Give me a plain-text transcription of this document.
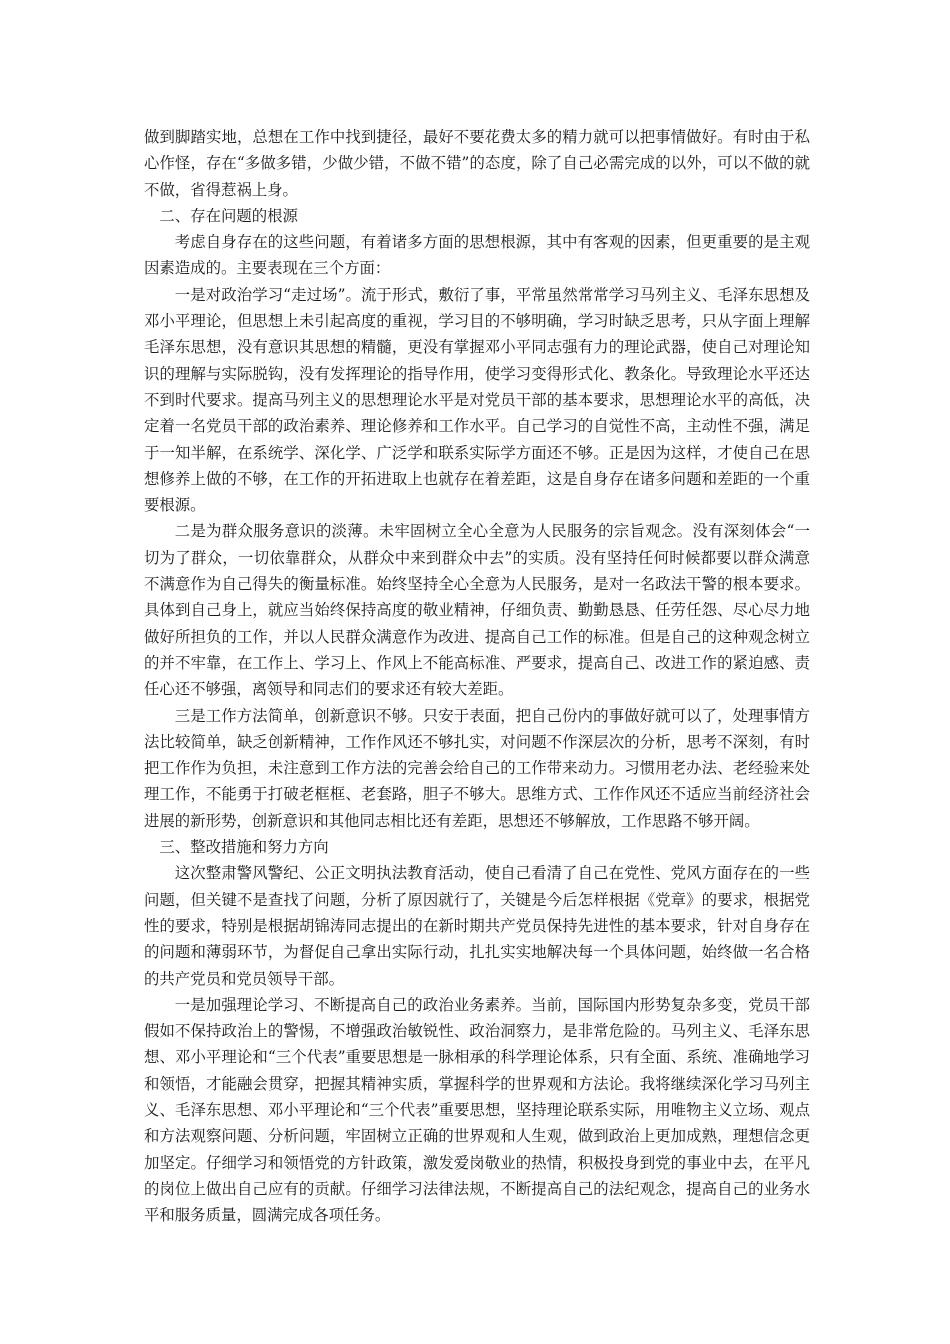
做到脚踏实地，总想在工作中找到捷径，最好不要花费太多的精力就可以把事情做好。有时由于私心作怪，存在“多做多错，少做少错，不做不错”的态度，除了自己必需完成的以外，可以不做的就不做，省得惹祸上身。

二、存在问题的根源

考虑自身存在的这些问题，有着诸多方面的思想根源，其中有客观的因素，但更重要的是主观因素造成的。主要表现在三个方面：

一是对政治学习“走过场”。流于形式，敷衍了事，平常虽然常常学习马列主义、毛泽东思想及邓小平理论，但思想上未引起高度的重视，学习目的不够明确，学习时缺乏思考，只从字面上理解毛泽东思想，没有意识其思想的精髓，更没有掌握邓小平同志强有力的理论武器，使自己对理论知识的理解与实际脱钩，没有发挥理论的指导作用，使学习变得形式化、教条化。导致理论水平还达不到时代要求。提高马列主义的思想理论水平是对党员干部的基本要求，思想理论水平的高低，决定着一名党员干部的政治素养、理论修养和工作水平。自己学习的自觉性不高，主动性不强，满足于一知半解，在系统学、深化学、广泛学和联系实际学方面还不够。正是因为这样，才使自己在思想修养上做的不够，在工作的开拓进取上也就存在着差距，这是自身存在诸多问题和差距的一个重要根源。

二是为群众服务意识的淡薄。未牢固树立全心全意为人民服务的宗旨观念。没有深刻体会“一切为了群众，一切依靠群众，从群众中来到群众中去”的实质。没有坚持任何时候都要以群众满意不满意作为自己得失的衡量标准。始终坚持全心全意为人民服务，是对一名政法干警的根本要求。具体到自己身上，就应当始终保持高度的敬业精神，仔细负责、勤勤恳恳、任劳任怨、尽心尽力地做好所担负的工作，并以人民群众满意作为改进、提高自己工作的标准。但是自己的这种观念树立的并不牢靠，在工作上、学习上、作风上不能高标准、严要求，提高自己、改进工作的紧迫感、责任心还不够强，离领导和同志们的要求还有较大差距。

三是工作方法简单，创新意识不够。只安于表面，把自己份内的事做好就可以了，处理事情方法比较简单，缺乏创新精神，工作作风还不够扎实，对问题不作深层次的分析，思考不深刻，有时把工作作为负担，未注意到工作方法的完善会给自己的工作带来动力。习惯用老办法、老经验来处理工作，不能勇于打破老框框、老套路，胆子不够大。思维方式、工作作风还不适应当前经济社会进展的新形势，创新意识和其他同志相比还有差距，思想还不够解放，工作思路不够开阔。

三、整改措施和努力方向

这次整肃警风警纪、公正文明执法教育活动，使自己看清了自己在党性、党风方面存在的一些问题，但关键不是查找了问题，分析了原因就行了，关键是今后怎样根据《党章》的要求，根据党性的要求，特别是根据胡锦涛同志提出的在新时期共产党员保持先进性的基本要求，针对自身存在的问题和薄弱环节，为督促自己拿出实际行动，扎扎实实地解决每一个具体问题，始终做一名合格的共产党员和党员领导干部。

一是加强理论学习、不断提高自己的政治业务素养。当前，国际国内形势复杂多变，党员干部假如不保持政治上的警惕，不增强政治敏锐性、政治洞察力，是非常危险的。马列主义、毛泽东思想、邓小平理论和“三个代表”重要思想是一脉相承的科学理论体系，只有全面、系统、准确地学习和领悟，才能融会贯穿，把握其精神实质，掌握科学的世界观和方法论。我将继续深化学习马列主义、毛泽东思想、邓小平理论和“三个代表”重要思想，坚持理论联系实际，用唯物主义立场、观点和方法观察问题、分析问题，牢固树立正确的世界观和人生观，做到政治上更加成熟，理想信念更加坚定。仔细学习和领悟党的方针政策，激发爱岗敬业的热情，积极投身到党的事业中去，在平凡的岗位上做出自己应有的贡献。仔细学习法律法规，不断提高自己的法纪观念，提高自己的业务水平和服务质量，圆满完成各项任务。
